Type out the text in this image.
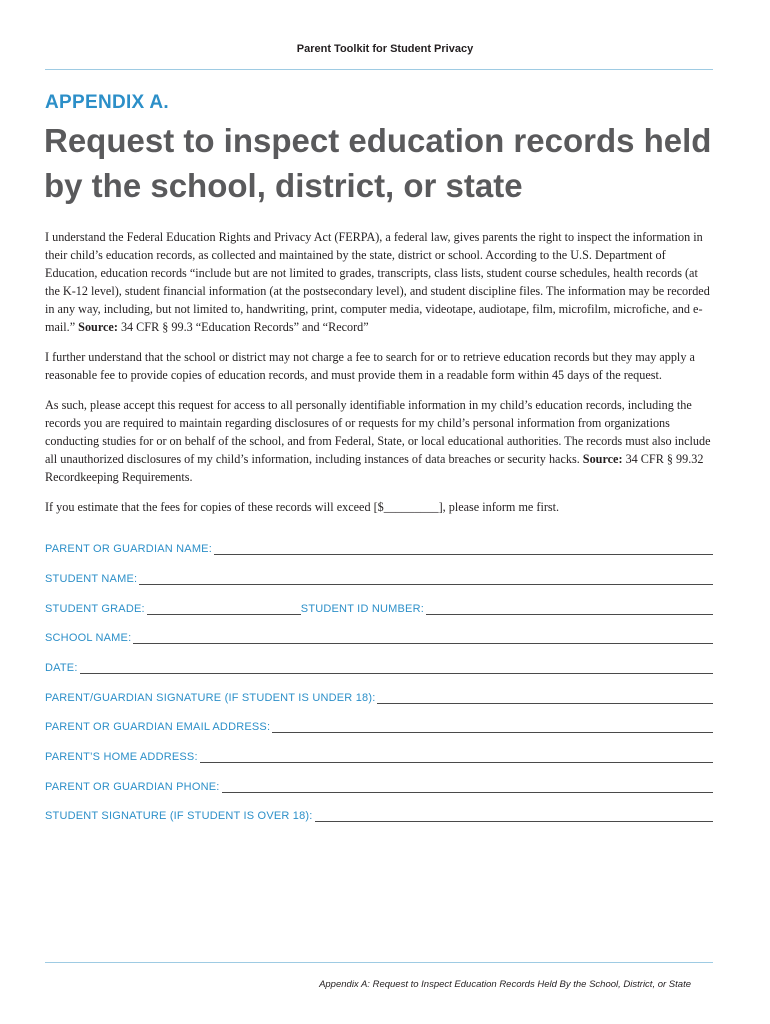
Parent Toolkit for Student Privacy
APPENDIX A.
Request to inspect education records held by the school, district, or state

I understand the Federal Education Rights and Privacy Act (FERPA), a federal law, gives parents the right to inspect the information in their child’s education records, as collected and maintained by the state, district or school. According to the U.S. Department of Education, education records “include but are not limited to grades, transcripts, class lists, student course schedules, health records (at the K-12 level), student financial information (at the postsecondary level), and student discipline files. The information may be recorded in any way, including, but not limited to, handwriting, print, computer media, videotape, audiotape, film, microfilm, microfiche, and e-mail.” Source: 34 CFR § 99.3 “Education Records” and “Record”

I further understand that the school or district may not charge a fee to search for or to retrieve education records but they may apply a reasonable fee to provide copies of education records, and must provide them in a readable form within 45 days of the request.

As such, please accept this request for access to all personally identifiable information in my child’s education records, including the records you are required to maintain regarding disclosures of or requests for my child’s personal information from organizations conducting studies for or on behalf of the school, and from Federal, State, or local educational authorities. The records must also include all unauthorized disclosures of my child’s information, including instances of data breaches or security hacks. Source: 34 CFR § 99.32 Recordkeeping Requirements.

If you estimate that the fees for copies of these records will exceed [$_________], please inform me first.

PARENT OR GUARDIAN NAME:
STUDENT NAME:
STUDENT GRADE:	STUDENT ID NUMBER:
SCHOOL NAME:
DATE:
PARENT/GUARDIAN SIGNATURE (IF STUDENT IS UNDER 18):
PARENT OR GUARDIAN EMAIL ADDRESS:
PARENT’S HOME ADDRESS:
PARENT OR GUARDIAN PHONE:
STUDENT SIGNATURE (IF STUDENT IS OVER 18):
Appendix A: Request to Inspect Education Records Held By the School, District, or State
